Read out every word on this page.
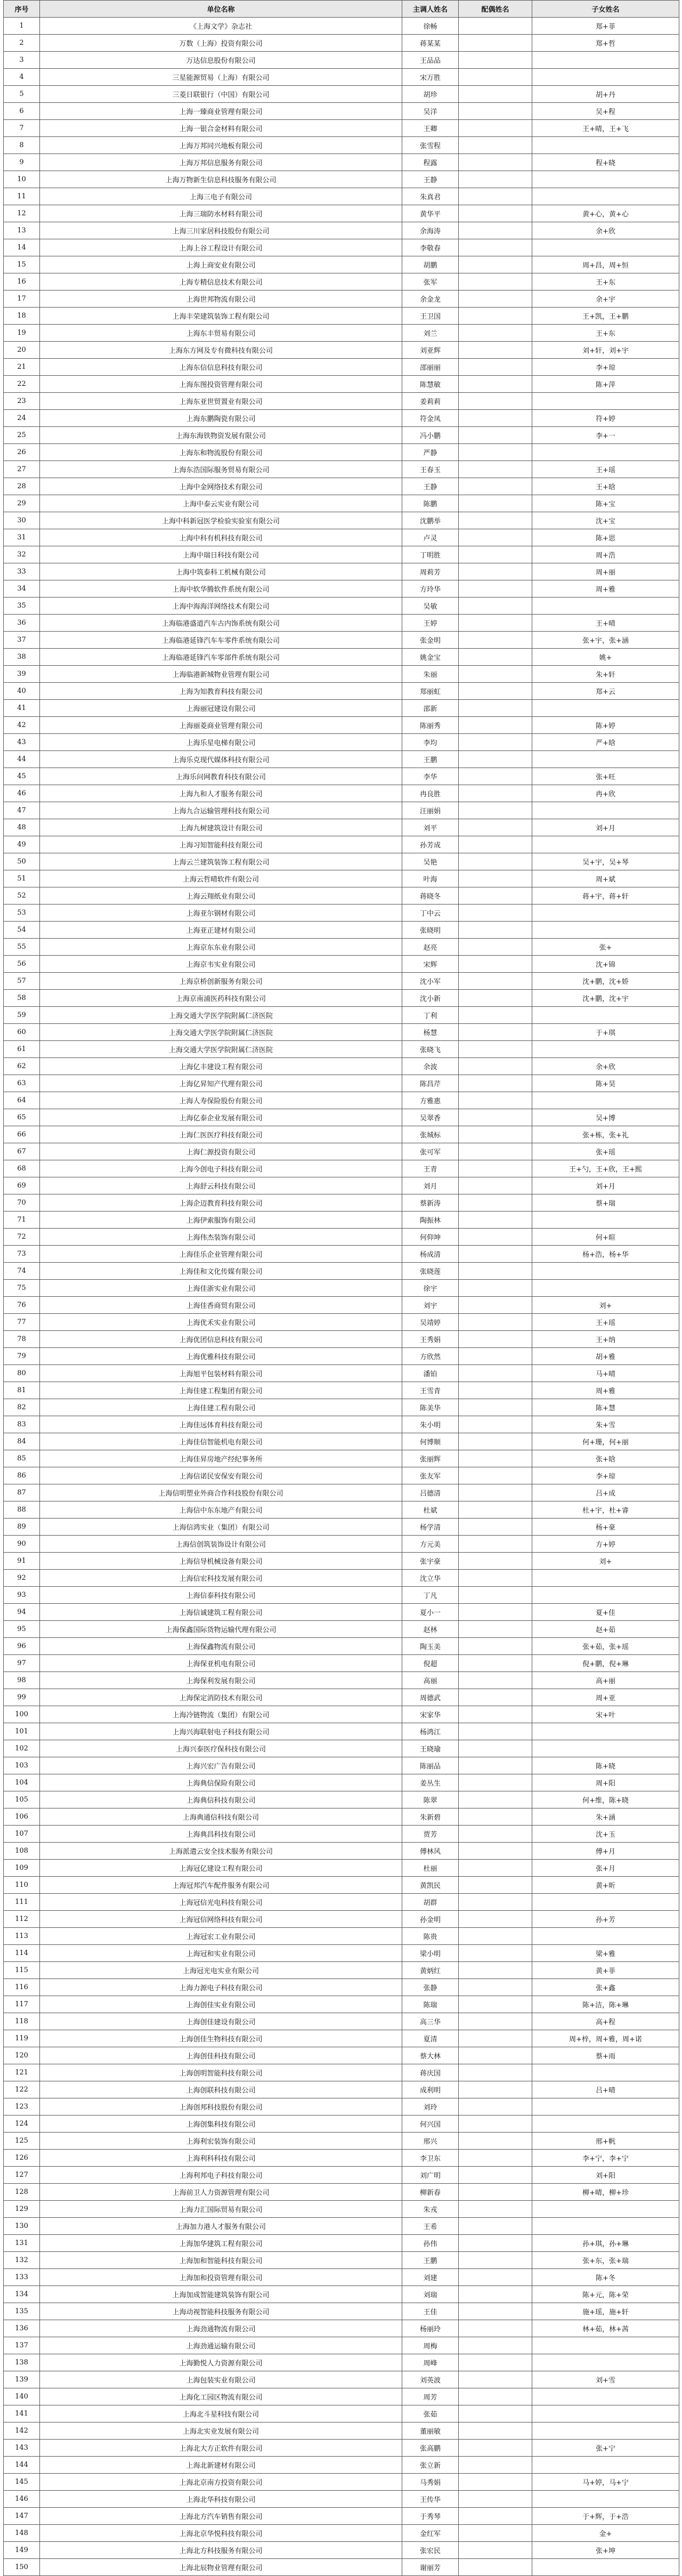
序号	单位名称	主调人姓名	配偶姓名	子女姓名
1	《上海文学》杂志社	徐畅		郑+菲
2	万数（上海）投资有限公司	蒋某某		郑+哲
3	万达信息股份有限公司	王品品		
4	三星能源贸易（上海）有限公司	宋万胜		
5	三菱日联银行（中国）有限公司	胡珍		胡+丹
6	上海一臻商业管理有限公司	吴洋		吴+程
7	上海一银合金材料有限公司	王卿		王+晴，王+飞
8	上海万邦同兴地板有限公司	张雪程		
9	上海万邦信息服务有限公司	程露		程+晓
10	上海万物新生信息科技服务有限公司	王静		
11	上海三电子有限公司	朱真君		
12	上海三瑞防水材料有限公司	黄华平		黄+心，黄+心
13	上海三川家居科技股份有限公司	余海涛		余+欣
14	上海上谷工程设计有限公司	李敬春		
15	上海上商安业有限公司	胡鹏		周+昌，周+恒
16	上海专精信息技术有限公司	张军		王+东
17	上海世邦物流有限公司	余金龙		余+宇
18	上海丰荣建筑装饰工程有限公司	王卫国		王+凯，王+鹏
19	上海东丰贸易有限公司	刘兰		王+东
20	上海东方网及专有微科技有限公司	刘亚辉		刘+轩，刘+宇
21	上海东信信息科技有限公司	邵丽丽		李+琼
22	上海东图投资管理有限公司	陈慧敏		陈+萍
23	上海东亚世贸置业有限公司	姜莉莉		
24	上海东鹏陶瓷有限公司	符金凤		符+婷
25	上海东海铁物资发展有限公司	冯小鹏		李+一
26	上海东和物流股份有限公司	严静		
27	上海东浩国际服务贸易有限公司	王春玉		王+瑶
28	上海中金网络技术有限公司	王静		王+晗
29	上海中泰云实业有限公司	陈鹏		陈+宝
30	上海中科新冠医学检验实验室有限公司	沈鹏举		沈+宝
31	上海中科有机科技有限公司	卢灵		陈+思
32	上海中瑞日科技有限公司	丁明胜		周+浩
33	上海中筑泰科工机械有限公司	周莉芳		周+丽
34	上海中软华腾软件系统有限公司	方玲华		周+雅
35	上海中海海洋网络技术有限公司	吴敏		
36	上海临港盛道汽车古内饰系统有限公司	王婷		王+晴
37	上海临港延锋汽车车零件系统有限公司	张金明		张+宇，张+涵
38	上海临港延锋汽车零部件系统有限公司	姚金宝		姚+
39	上海临港新城物业管理有限公司	朱丽		朱+轩
40	上海为知教育科技有限公司	郑丽虹		郑+云
41	上海丽冠建设有限公司	邵新		
42	上海丽菱商业管理有限公司	陈丽秀		陈+婷
43	上海乐星电梯有限公司	李均		严+晗
44	上海乐克现代媒体科技有限公司	王鹏		
45	上海乐问网教育科技有限公司	李华		张+旺
46	上海九和人才服务有限公司	冉良胜		冉+欣
47	上海九合运输管理科技有限公司	汪丽娟		
48	上海九树建筑设计有限公司	刘平		刘+月
49	上海习知智能科技有限公司	孙芳成		
50	上海云兰建筑装饰工程有限公司	吴艳		吴+宇，吴+琴
51	上海云哲晴软件有限公司	叶海		周+斌
52	上海云翔纸业有限公司	蒋晓冬		蒋+宇，蒋+轩
53	上海亚尔钢材有限公司	丁中云		
54	上海亚正建材有限公司	张晓明		
55	上海京东东业有限公司	赵亮		张+
56	上海京韦实业有限公司	宋辉		沈+锦
57	上海京桥创新服务有限公司	沈小军		沈+鹏，沈+娇
58	上海京南浦医药科技有限公司	沈小新		沈+鹏，沈+宇
59	上海交通大学医学院附属仁济医院	丁利		
60	上海交通大学医学院附属仁济医院	杨慧		于+琪
61	上海交通大学医学院附属仁济医院	张晓飞		
62	上海亿丰建设工程有限公司	余波		余+欣
63	上海亿昇知产代理有限公司	陈昌芹		陈+昊
64	上海人寿保险股份有限公司	方雅惠		
65	上海亿泰企业发展有限公司	吴翠香		吴+博
66	上海仁医医疗科技有限公司	张城标		张+栋，张+礼
67	上海仁源投资有限公司	张可军		张+瑶
68	上海今创电子科技有限公司	王青		王+勺，王+欣，王+熙
69	上海舒云科技有限公司	刘月		刘+月
70	上海企迈教育科技有限公司	蔡新涛		蔡+瑞
71	上海伊索服饰有限公司	陶振林		
72	上海伟杰装饰有限公司	何仰坤		何+暄
73	上海佳乐企业管理有限公司	杨成清		杨+浩，杨+华
74	上海佳和文化传媒有限公司	张晓莲		
75	上海佳浙实业有限公司	徐宇		
76	上海佳香商贸有限公司	刘宇		刘+
77	上海优禾实业有限公司	吴靖婷		王+瑶
78	上海优团信息科技有限公司	王秀娟		王+纳
79	上海优雅科技有限公司	方欣然		胡+雅
80	上海旭平包装材料有限公司	潘铂		马+晴
81	上海佳建工程集团有限公司	王雪青		周+雅
82	上海佳建工程有限公司	陈美华		陈+慧
83	上海佳远体育科技有限公司	朱小明		朱+雪
84	上海佳信智能机电有限公司	何博顺		何+珊，何+丽
85	上海佳昇房地产经纪事务所	张丽辉		张+晗
86	上海信诺民安保安有限公司	张友军		李+琼
87	上海信明塑业外商合作科技股份有限公司	吕德清		吕+成
88	上海信中东东地产有限公司	杜斌		杜+宇，杜+睿
89	上海信鸿实业（集团）有限公司	杨学清		杨+豪
90	上海信创筑装饰设计有限公司	方元美		方+婷
91	上海信导机械设备有限公司	张宇豪		刘+
92	上海信宏科技发展有限公司	沈立华		
93	上海信泰科技有限公司	丁凡		
94	上海信诚建筑工程有限公司	夏小一		夏+佳
95	上海保鑫国际货物运输代理有限公司	赵林		赵+茹
96	上海保鑫物流有限公司	陶玉美		张+茹，张+瑶
97	上海保亚机电有限公司	倪超		倪+鹏，倪+琳
98	上海保利发展有限公司	高丽		高+丽
99	上海保定消防技术有限公司	周德武		周+亚
100	上海冷链物流（集团）有限公司	宋家华		宋+叶
101	上海兴海联射电子科技有限公司	杨鸿江		
102	上海兴泰医疗保科技有限公司	王晓瑜		
103	上海兴宏广告有限公司	陈丽品		陈+晓
104	上海典信保险有限公司	姜丛生		周+阳
105	上海典信科技有限公司	陈翠		何+维，陈+晓
106	上海典通信科技有限公司	朱新碧		朱+涵
107	上海典昌科技有限公司	贾芳		沈+玉
108	上海派遣云安全技术服务有限公司	傅林风		傅+月
109	上海冠亿建设工程有限公司	杜丽		张+月
110	上海冠邦汽车配件服务有限公司	黄凯民		黄+昕
111	上海冠信光电科技有限公司	胡群		
112	上海冠信网络科技有限公司	孙金明		孙+芳
113	上海冠宏工业有限公司	陈贵		
114	上海冠和实业有限公司	梁小明		梁+雅
115	上海冠光电实业有限公司	黄炳红		黄+菲
116	上海力源电子科技有限公司	张静		张+鑫
117	上海创佳实业有限公司	陈瑞		陈+洁，陈+琳
118	上海创佳建设有限公司	高三华		高+程
119	上海创佳生物科技有限公司	夏清		周+梓，周+雅，周+诺
120	上海创佳科技有限公司	蔡大林		蔡+雨
121	上海创明智能科技有限公司	蒋庆国		
122	上海创联科技有限公司	成利明		吕+晴
123	上海创邦科技股份有限公司	刘玲		
124	上海创集科技有限公司	何兴国		
125	上海利宏装饰有限公司	邢兴		邢+帆
126	上海利科科技有限公司	李卫东		李+宁，李+宁
127	上海利邦电子科技有限公司	刘广明		刘+阳
128	上海前卫人力资源管理有限公司	柳新春		柳+晴，柳+珍
129	上海力汇国际贸易有限公司	朱戎		
130	上海加力港人才服务有限公司	王希		
131	上海加华建筑工程有限公司	孙伟		孙+琪，孙+琳
132	上海加和智能科技有限公司	王鹏		张+东，张+瑞
133	上海加和投资管理有限公司	刘建		陈+冬
134	上海加成智能建筑装饰有限公司	刘瑞		陈+元，陈+荣
135	上海动视智能科技服务有限公司	王佳		施+瑶，施+轩
136	上海劲通物流有限公司	杨丽玲		林+茹，林+茜
137	上海劲通运输有限公司	周梅		
138	上海勤悦人力资源有限公司	周峰		
139	上海包装实业有限公司	刘英波		刘+雪
140	上海化工园区物流有限公司	周芳		
141	上海北斗星科技有限公司	张茹		
142	上海北实业发展有限公司	董丽敏		
143	上海北大方正软件有限公司	张高鹏		张+宁
144	上海北新建材有限公司	张立新		
145	上海北京南方投资有限公司	马秀娟		马+婷，马+宁
146	上海北华科技有限公司	王传华		
147	上海北方汽车销售有限公司	于秀琴		于+辉，于+浩
148	上海北京华悦科技有限公司	金红军		金+
149	上海北方科技服务有限公司	张宏民		张+坤
150	上海北辰物业管理有限公司	谢丽芳		
